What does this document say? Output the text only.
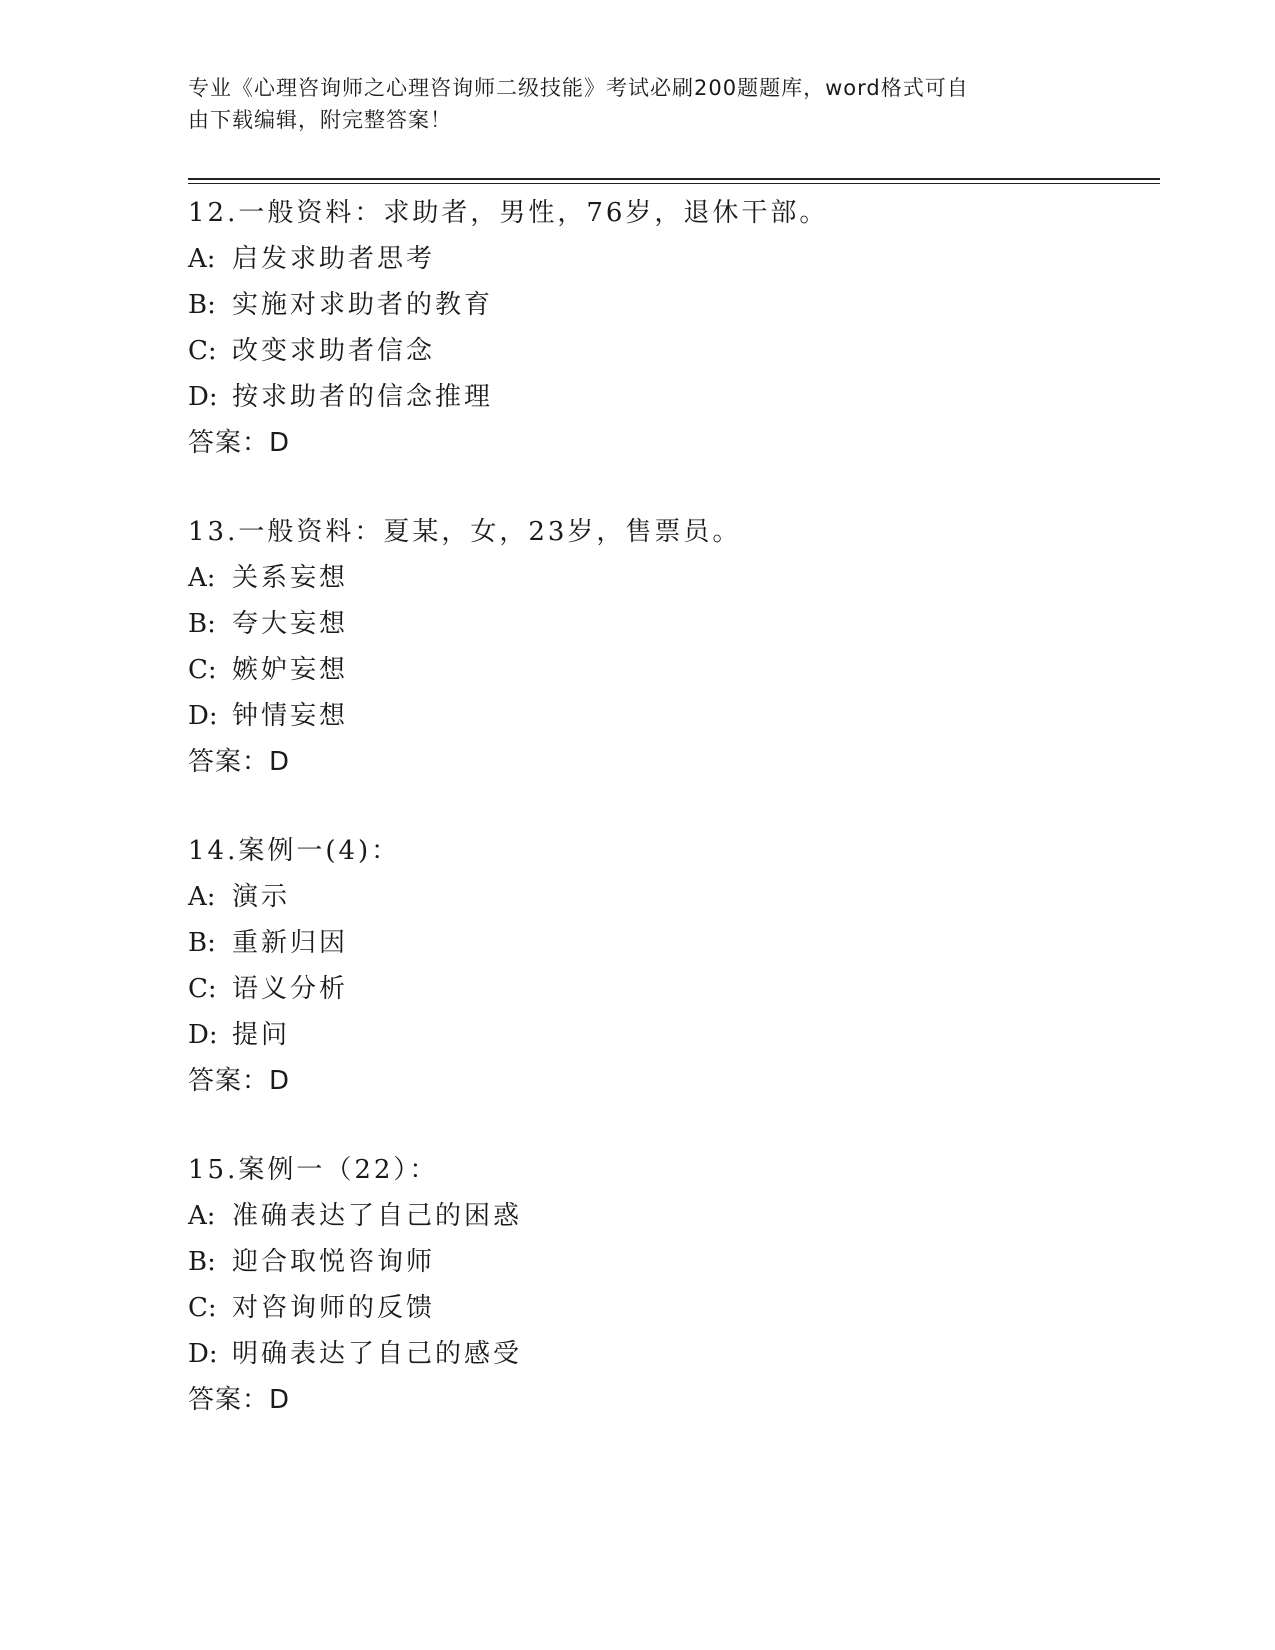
专业《心理咨询师之心理咨询师二级技能》考试必刷200题题库，word格式可自
由下载编辑，附完整答案！
12.一般资料：求助者，男性，76岁，退休干部。
A: 启发求助者思考
B: 实施对求助者的教育
C: 改变求助者信念
D: 按求助者的信念推理
答案：D
13.一般资料：夏某，女，23岁，售票员。
A: 关系妄想
B: 夸大妄想
C: 嫉妒妄想
D: 钟情妄想
答案：D
14.案例一(4)：
A: 演示
B: 重新归因
C: 语义分析
D: 提问
答案：D
15.案例一（22）：
A: 准确表达了自己的困惑
B: 迎合取悦咨询师
C: 对咨询师的反馈
D: 明确表达了自己的感受
答案：D
